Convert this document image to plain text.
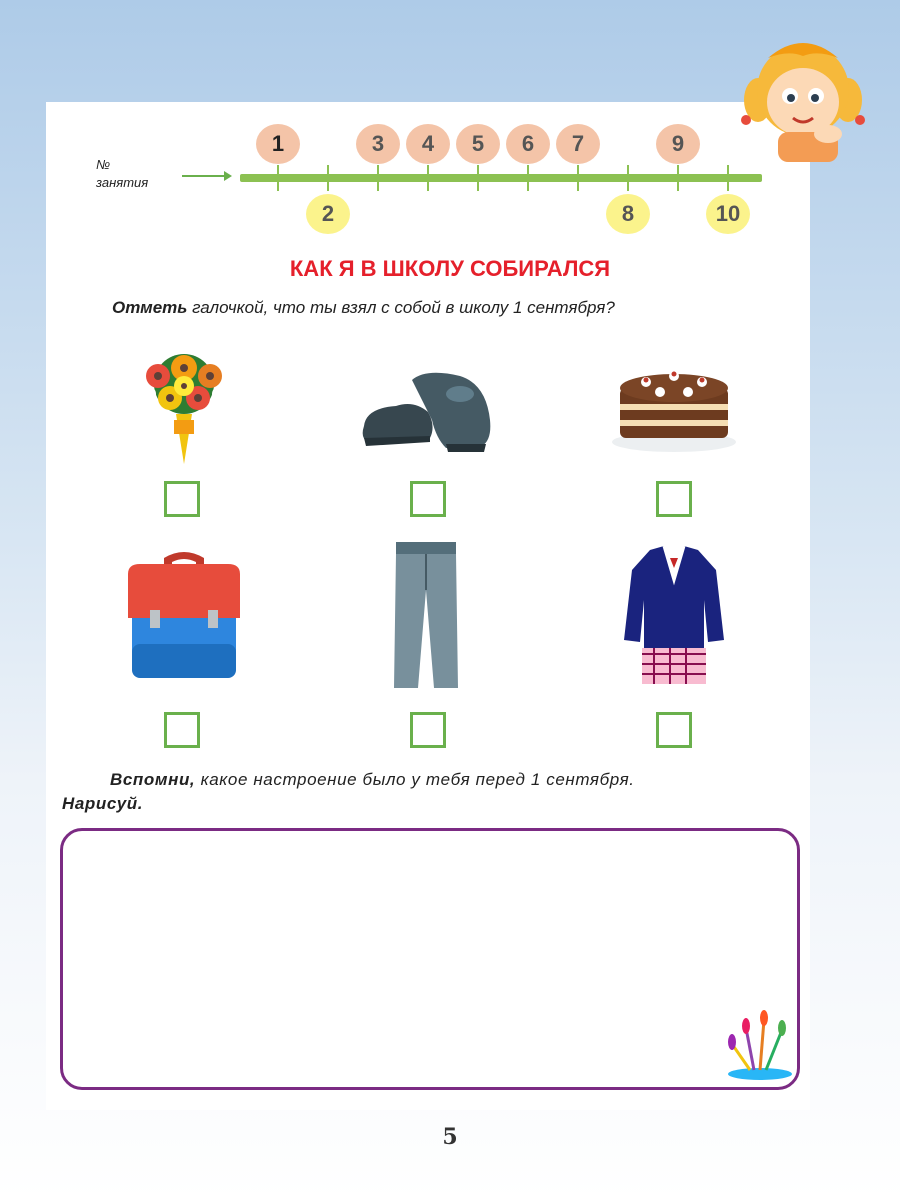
№
занятия
1	3	4	5	6	7	9
2	8	10
КАК Я В ШКОЛУ СОБИРАЛСЯ
Отметь галочкой, что ты взял с собой в школу 1 сентября?
Вспомни, какое настроение было у тебя перед 1 сентября.
Нарисуй.
5
